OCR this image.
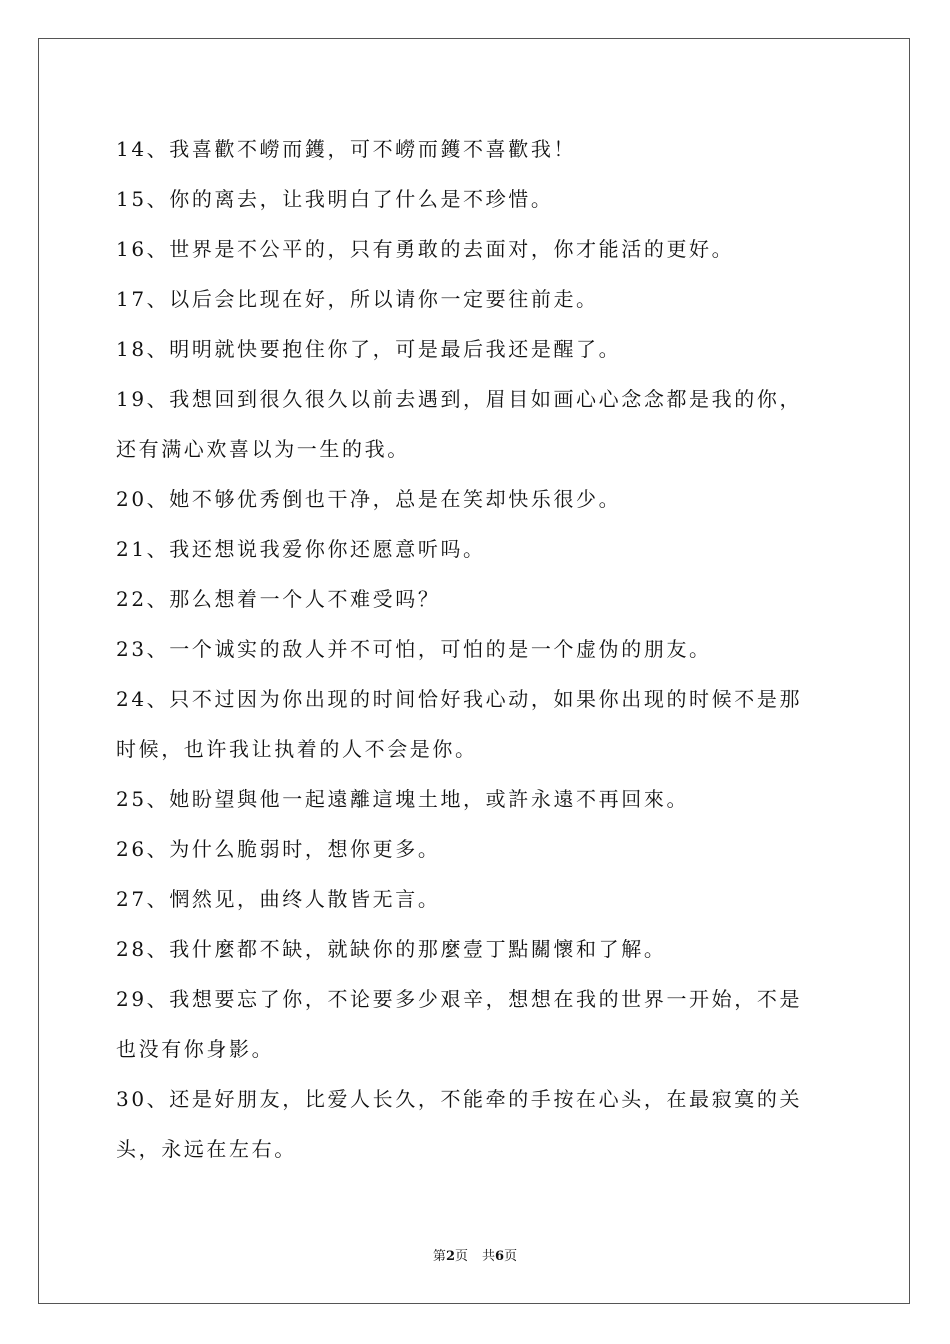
14、我喜歡不嶗而鑊，可不嶗而鑊不喜歡我！
15、你的离去，让我明白了什么是不珍惜。
16、世界是不公平的，只有勇敢的去面对，你才能活的更好。
17、以后会比现在好，所以请你一定要往前走。
18、明明就快要抱住你了，可是最后我还是醒了。
19、我想回到很久很久以前去遇到，眉目如画心心念念都是我的你，
还有满心欢喜以为一生的我。
20、她不够优秀倒也干净，总是在笑却快乐很少。
21、我还想说我爱你你还愿意听吗。
22、那么想着一个人不难受吗？
23、一个诚实的敌人并不可怕，可怕的是一个虚伪的朋友。
24、只不过因为你出现的时间恰好我心动，如果你出现的时候不是那
时候，也许我让执着的人不会是你。
25、她盼望與他一起遠離這塊土地，或許永遠不再回來。
26、为什么脆弱时，想你更多。
27、惘然见，曲终人散皆无言。
28、我什麼都不缺，就缺你的那麼壹丁點關懷和了解。
29、我想要忘了你，不论要多少艰辛，想想在我的世界一开始，不是
也没有你身影。
30、还是好朋友，比爱人长久，不能牵的手按在心头，在最寂寞的关
头，永远在左右。
第2页 共6页
